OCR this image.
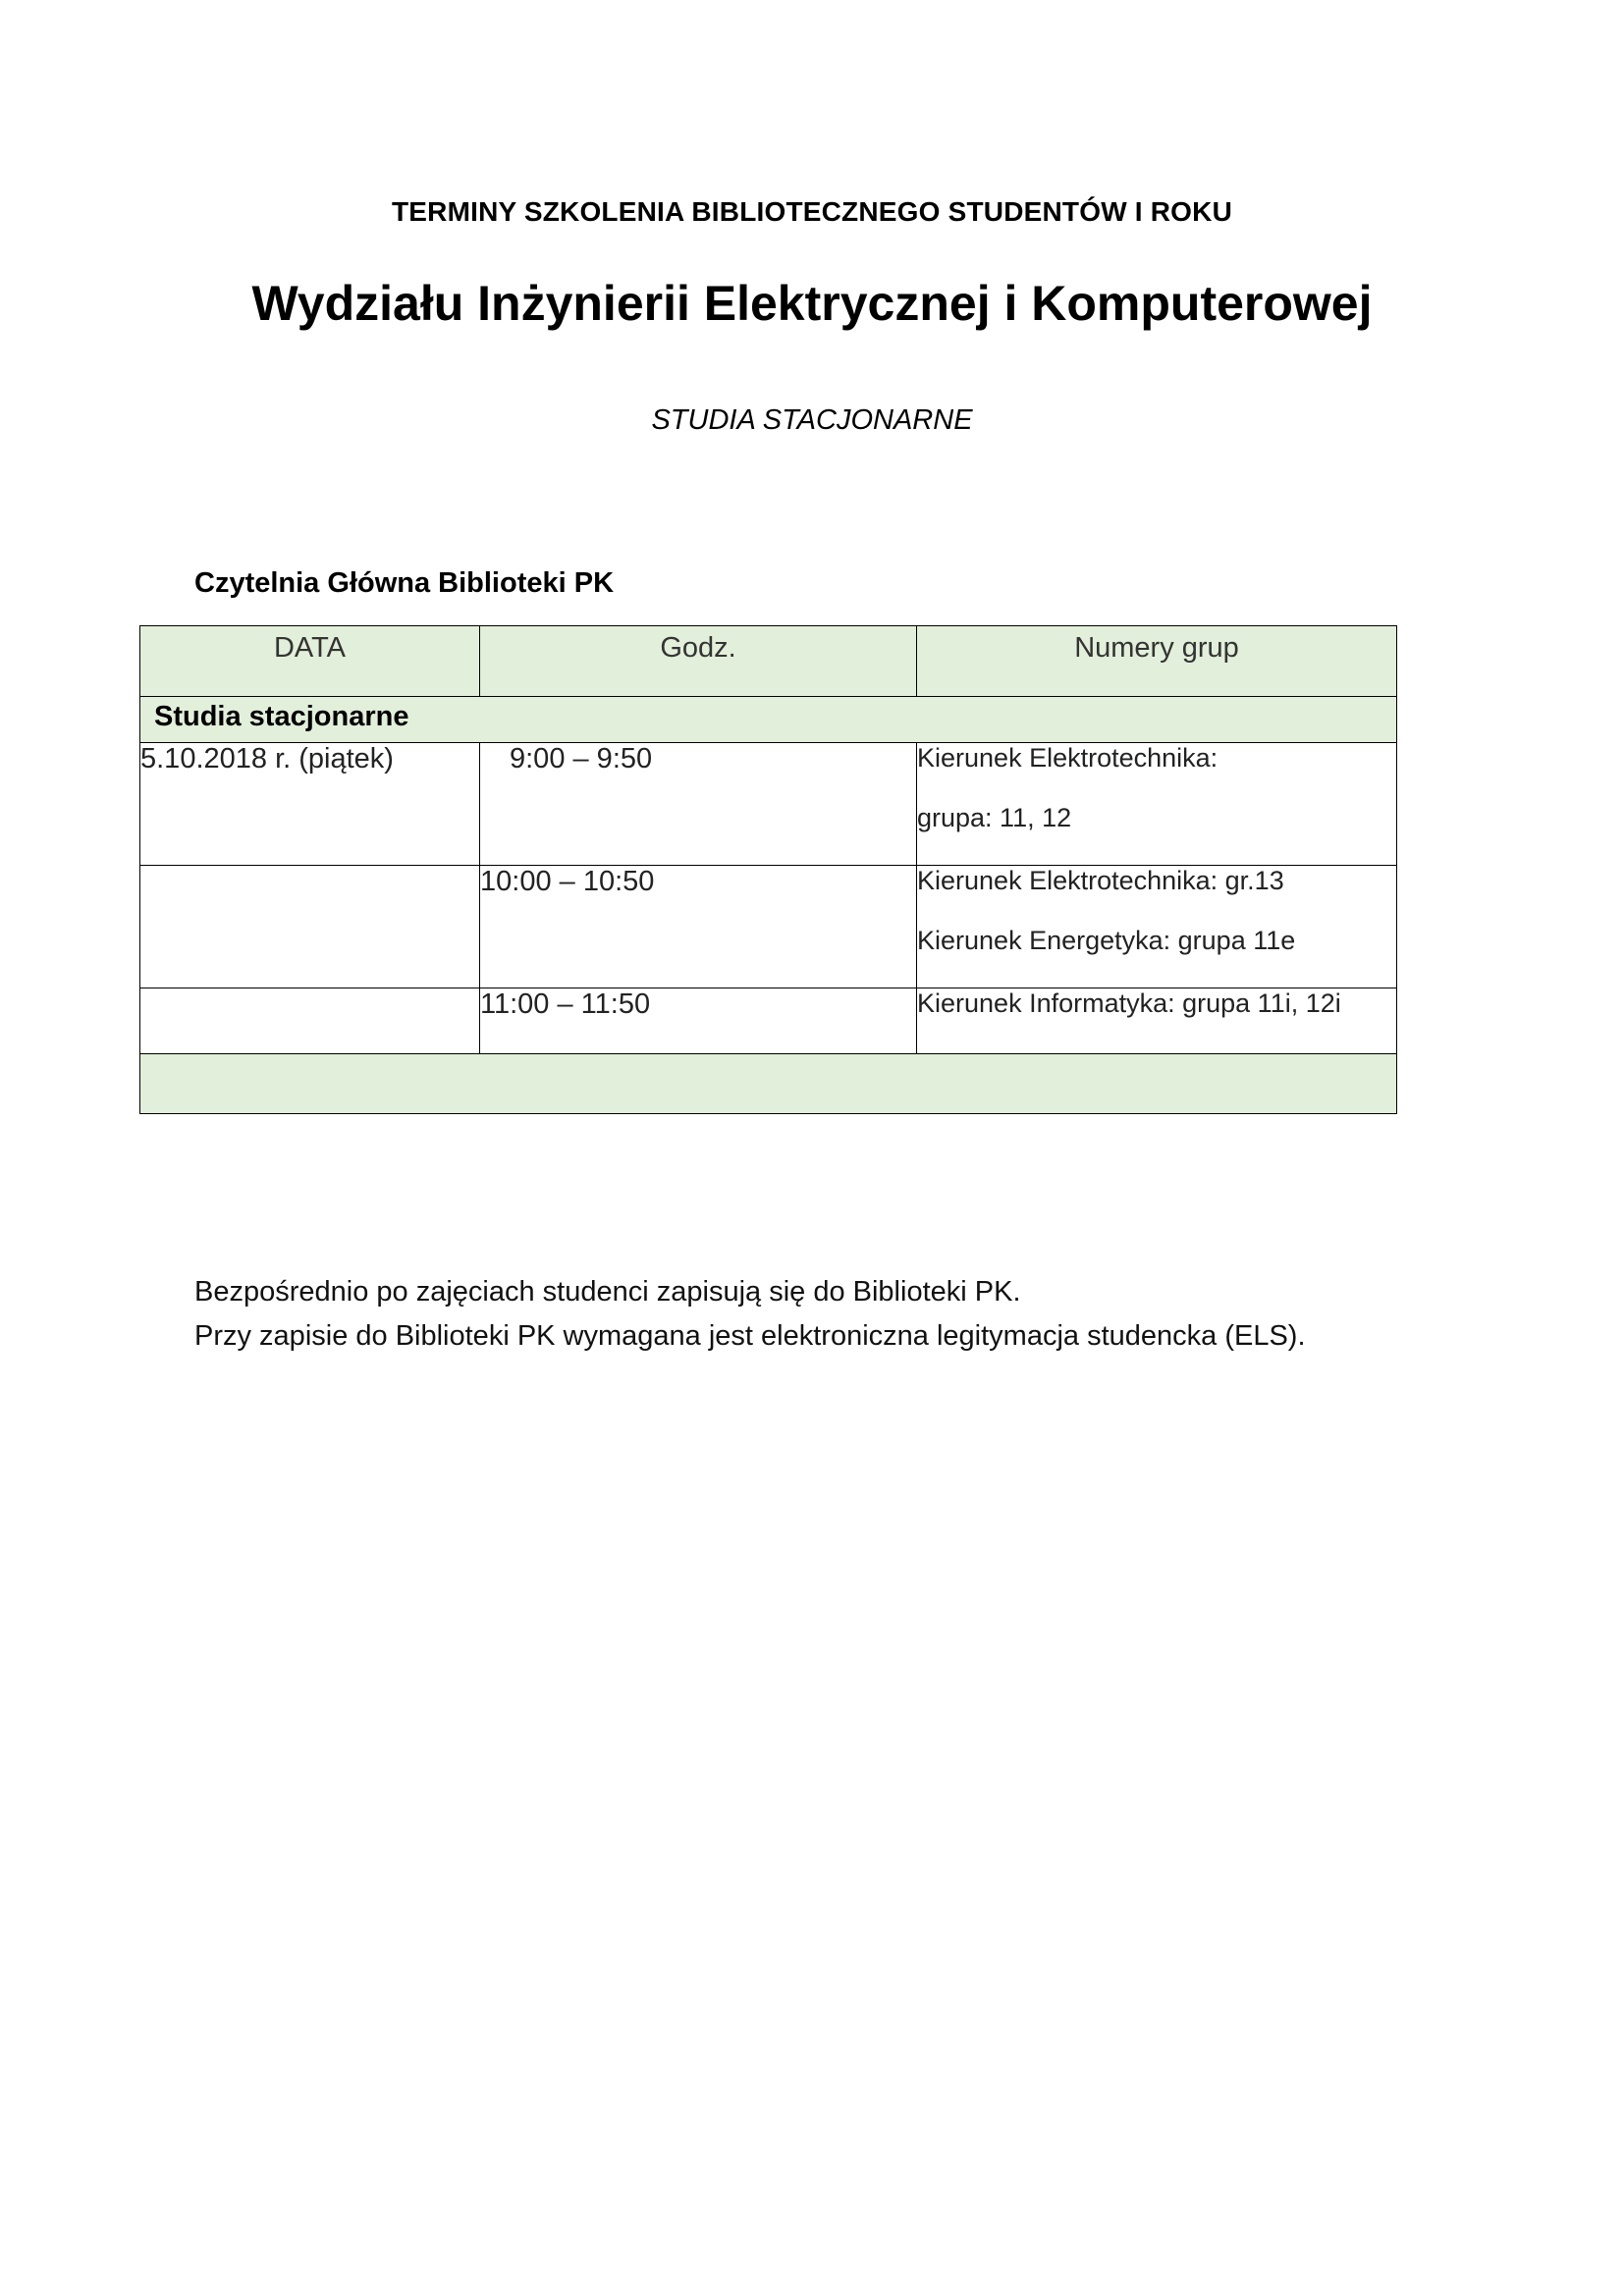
TERMINY SZKOLENIA BIBLIOTECZNEGO STUDENTÓW I ROKU
Wydziału Inżynierii Elektrycznej i Komputerowej
STUDIA STACJONARNE
Czytelnia Główna Biblioteki PK
DATA	Godz.	Numery grup
Studia stacjonarne		
5.10.2018 r. (piątek)	9:00 – 9:50	Kierunek Elektrotechnika:
grupa: 11, 12

	10:00 – 10:50	Kierunek Elektrotechnika: gr.13
Kierunek Energetyka: grupa 11e

	11:00 – 11:50	Kierunek Informatyka: grupa 11i, 12i

Bezpośrednio po zajęciach studenci zapisują się do Biblioteki PK.
Przy zapisie do Biblioteki PK wymagana jest elektroniczna legitymacja studencka (ELS).
